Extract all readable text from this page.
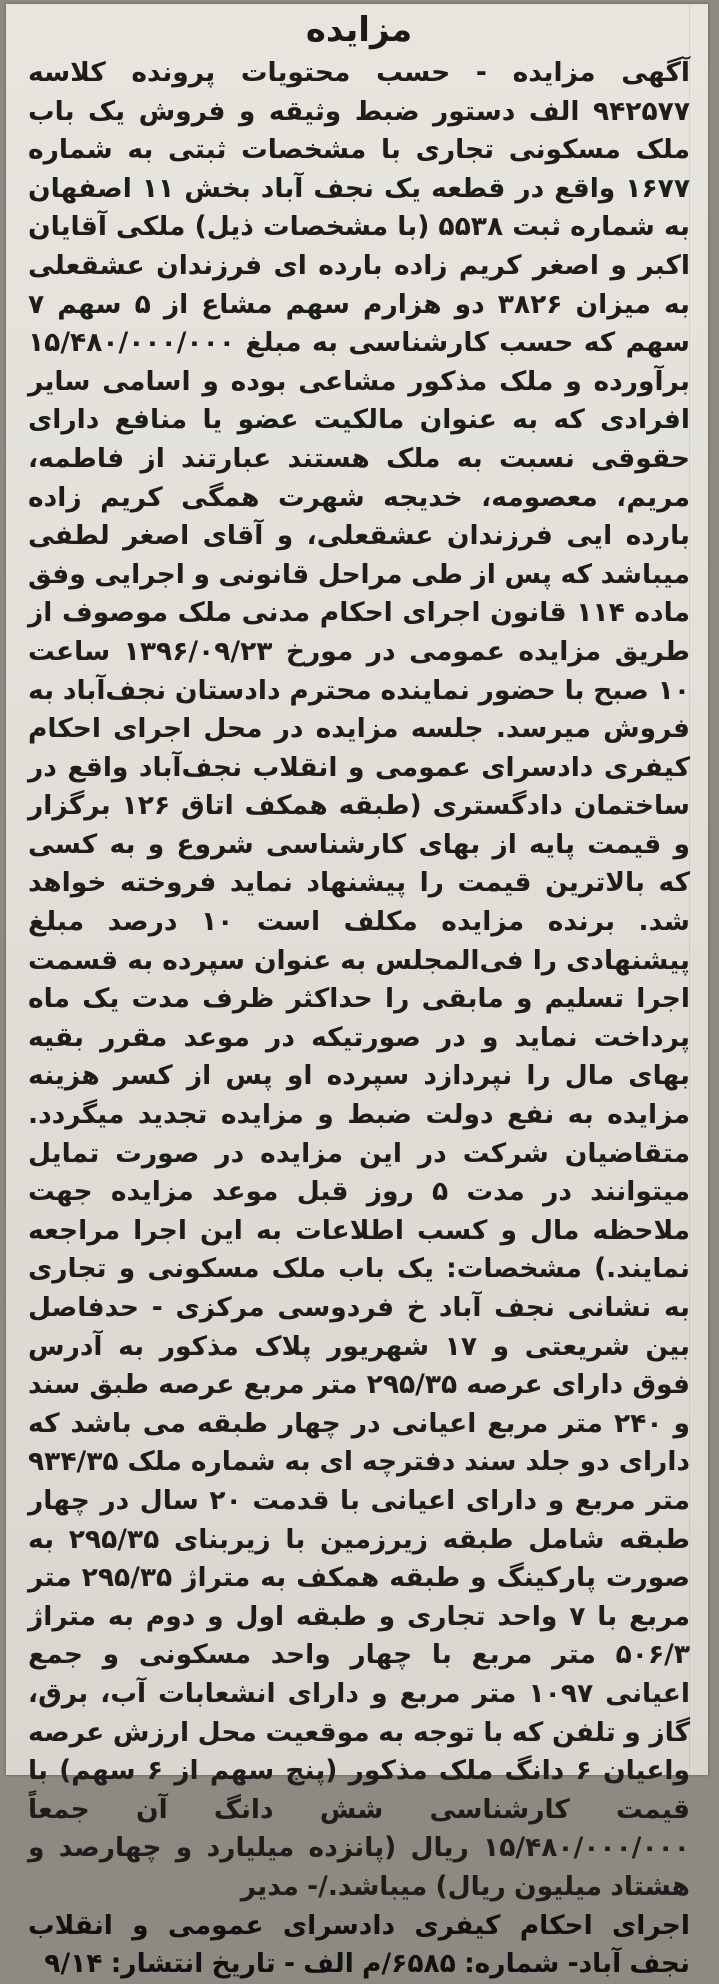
مزایده
آگهی مزایده - حسب محتویات پرونده کلاسه ۹۴۲۵۷۷ الف دستور ضبط وثیقه و فروش یک باب ملک مسکونی تجاری با مشخصات ثبتی به شماره ۱۶۷۷ واقع در قطعه یک نجف آباد بخش ۱۱ اصفهان به شماره ثبت ۵۵۳۸ (با مشخصات ذیل) ملکی آقایان اکبر و اصغر کریم زاده بارده ای فرزندان عشقعلی به میزان ۳۸۲۶ دو هزارم سهم مشاع از ۵ سهم ۷ سهم که حسب کارشناسی به مبلغ ۱۵/۴۸۰/۰۰۰/۰۰۰ برآورده و ملک مذکور مشاعی بوده و اسامی سایر افرادی که به عنوان مالکیت عضو یا منافع دارای حقوقی نسبت به ملک هستند عبارتند از فاطمه، مریم، معصومه، خدیجه شهرت همگی کریم زاده بارده ایی فرزندان عشقعلی، و آقای اصغر لطفی میباشد که پس از طی مراحل قانونی و اجرایی وفق ماده ۱۱۴ قانون اجرای احکام مدنی ملک موصوف از طریق مزایده عمومی در مورخ ۱۳۹۶/۰۹/۲۳ ساعت ۱۰ صبح با حضور نماینده محترم دادستان نجف‌آباد به فروش میرسد. جلسه مزایده در محل اجرای احکام کیفری دادسرای عمومی و انقلاب نجف‌آباد واقع در ساختمان دادگستری (طبقه همکف اتاق ۱۲۶ برگزار و قیمت پایه از بهای کارشناسی شروع و به کسی که بالاترین قیمت را پیشنهاد نماید فروخته خواهد شد. برنده مزایده مکلف است ۱۰ درصد مبلغ پیشنهادی را فی‌المجلس به عنوان سپرده به قسمت اجرا تسلیم و مابقی را حداکثر ظرف مدت یک ماه پرداخت نماید و در صورتیکه در موعد مقرر بقیه بهای مال را نپردازد سپرده او پس از کسر هزینه مزایده به نفع دولت ضبط و مزایده تجدید میگردد. متقاضیان شرکت در این مزایده در صورت تمایل میتوانند در مدت ۵ روز قبل موعد مزایده جهت ملاحظه مال و کسب اطلاعات به این اجرا مراجعه نمایند.) مشخصات: یک باب ملک مسکونی و تجاری به نشانی نجف آباد خ فردوسی مرکزی - حدفاصل بین شریعتی و ۱۷ شهریور پلاک مذکور به آدرس فوق دارای عرصه ۲۹۵/۳۵ متر مربع عرصه طبق سند و ۲۴۰ متر مربع اعیانی در چهار طبقه می باشد که دارای دو جلد سند دفترچه ای به شماره ملک ۹۳۴/۳۵ متر مربع و دارای اعیانی با قدمت ۲۰ سال در چهار طبقه شامل طبقه زیرزمین با زیربنای ۲۹۵/۳۵ به صورت پارکینگ و طبقه همکف به متراژ ۲۹۵/۳۵ متر مربع با ۷ واحد تجاری و طبقه اول و دوم به متراژ ۵۰۶/۳ متر مربع با چهار واحد مسکونی و جمع اعیانی ۱۰۹۷ متر مربع و دارای انشعابات آب، برق، گاز و تلفن که با توجه به موقعیت محل ارزش عرصه واعیان ۶ دانگ ملک مذکور (پنج سهم از ۶ سهم) با قیمت کارشناسی شش دانگ آن جمعاً ۱۵/۴۸۰/۰۰۰/۰۰۰ ریال (پانزده میلیارد و چهارصد و هشتاد میلیون ریال) میباشد./- مدیر
اجرای احکام کیفری دادسرای عمومی و انقلاب نجف آباد- شماره: ۶۵۸۵/م الف - تاریخ انتشار: ۹/۱۴
